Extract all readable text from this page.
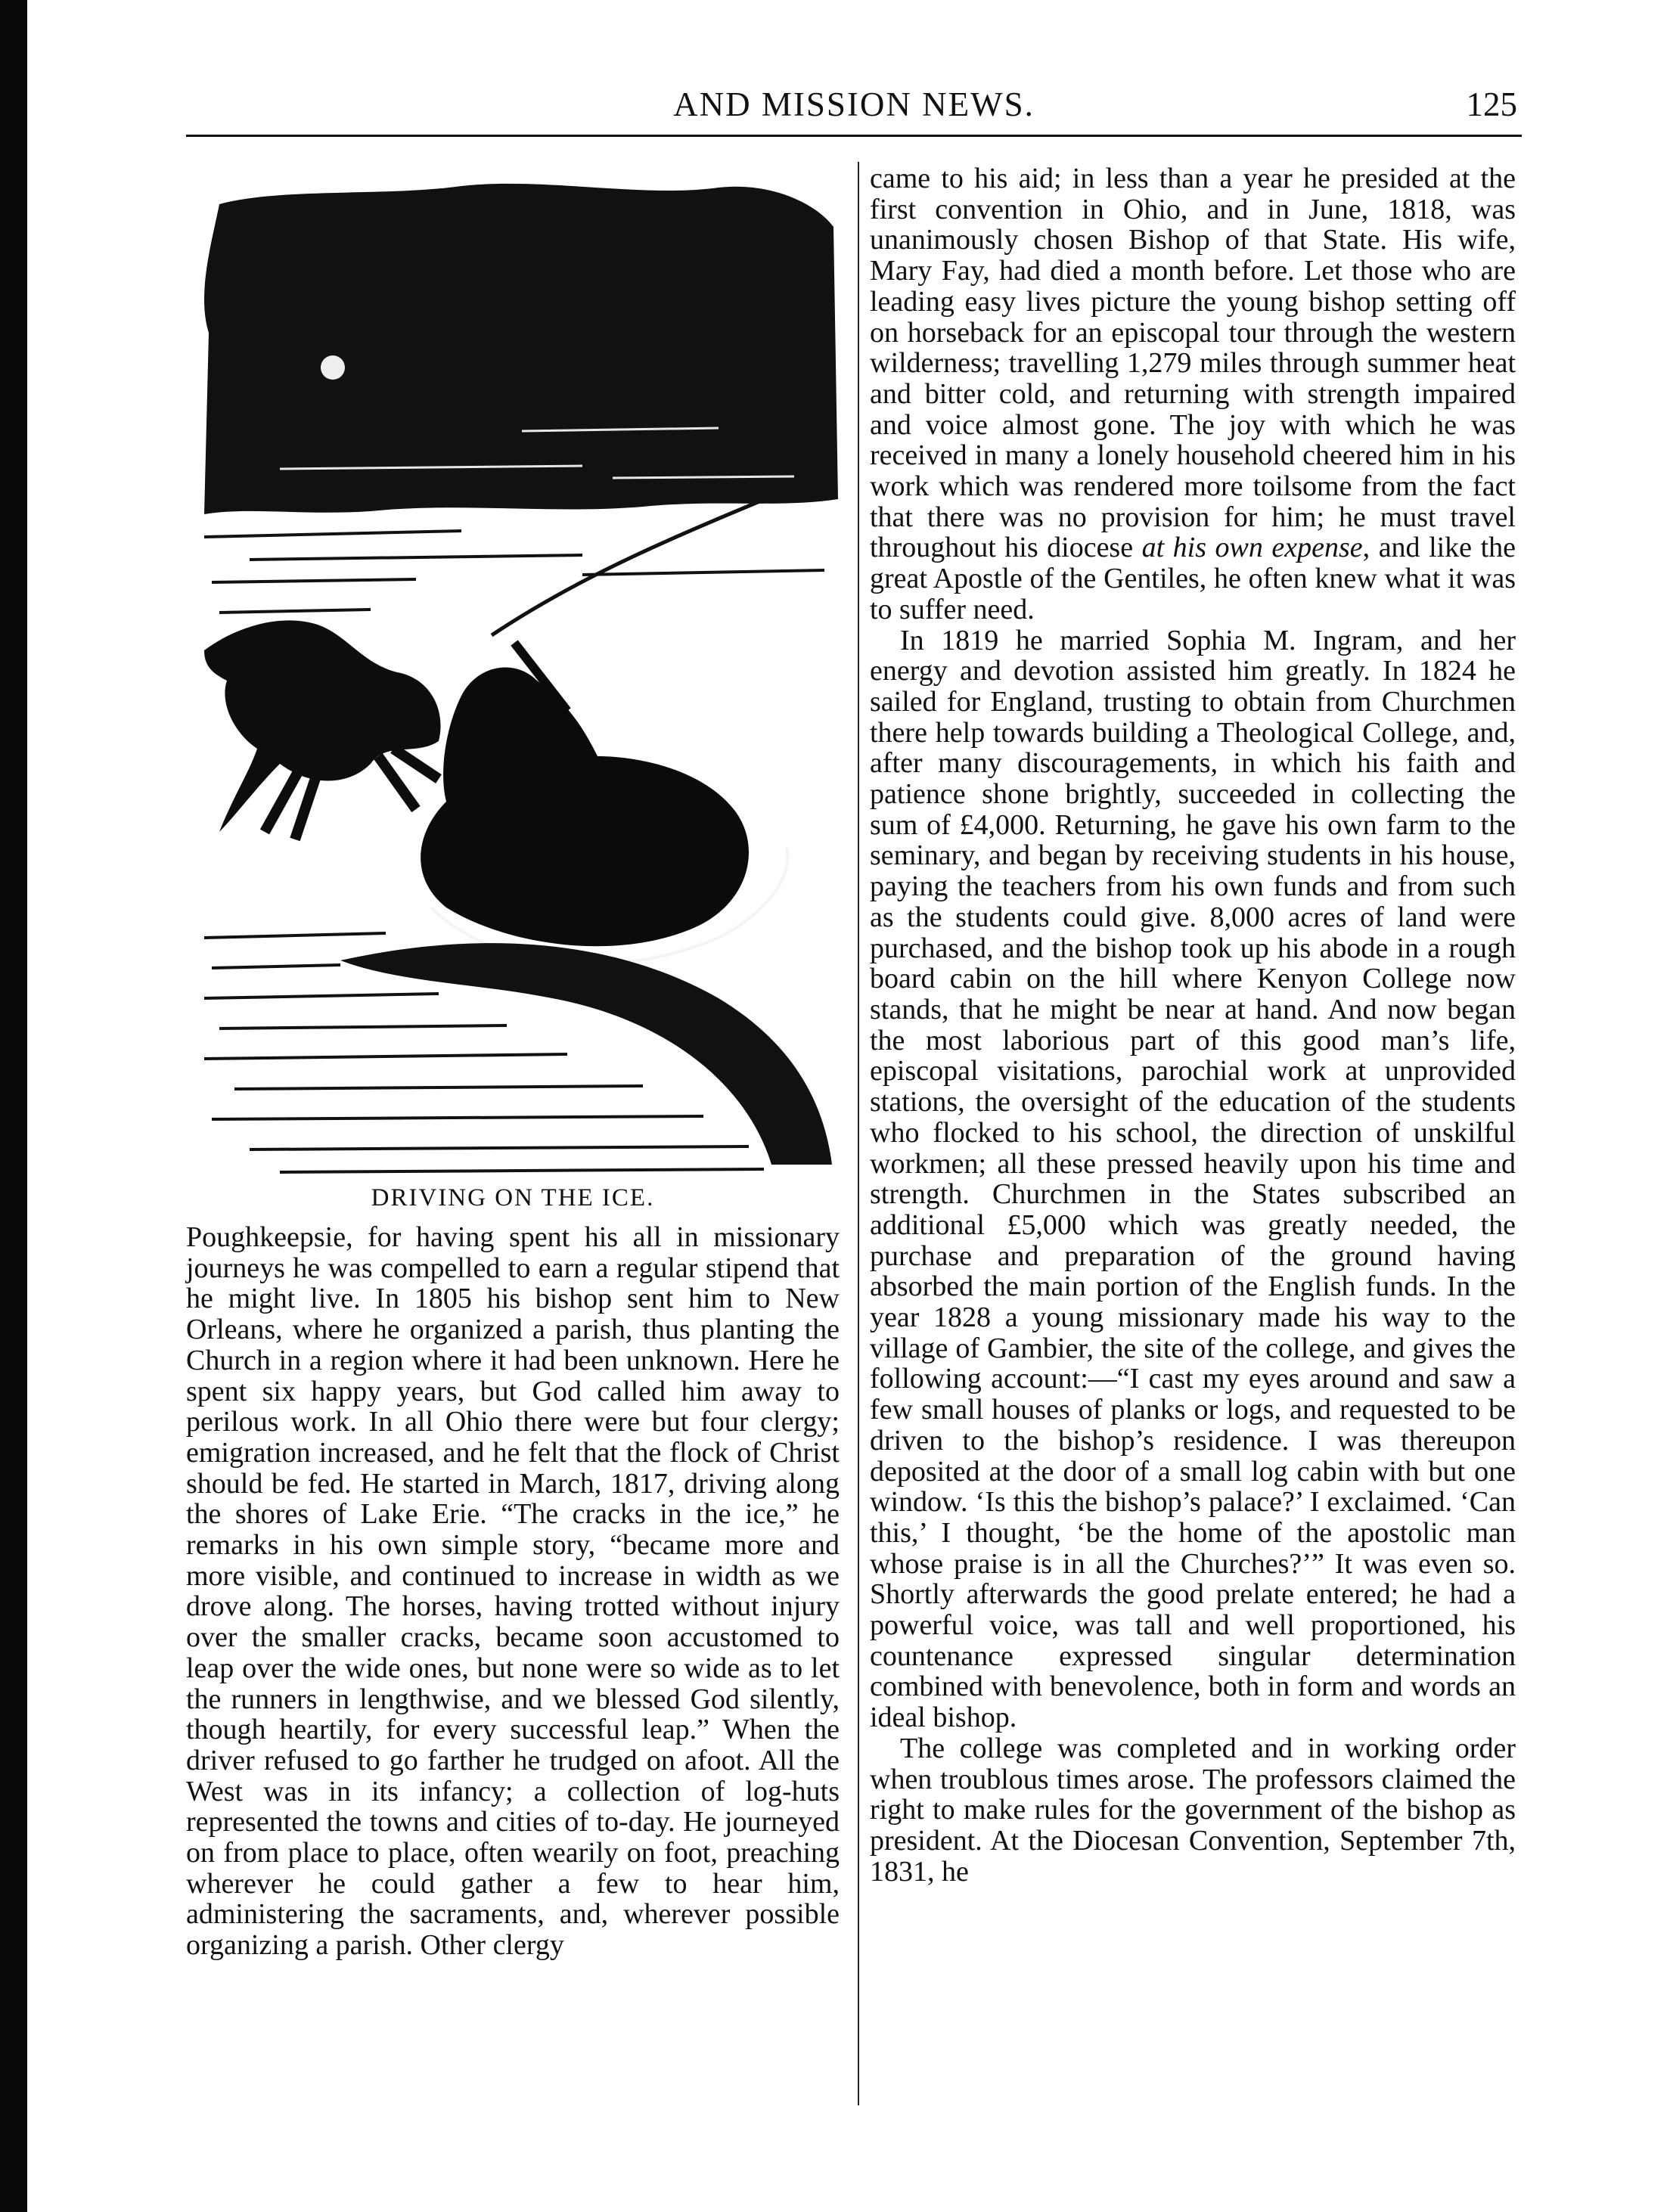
AND MISSION NEWS.	125
DRIVING ON THE ICE.

Poughkeepsie, for having spent his all in missionary journeys he was compelled to earn a regular stipend that he might live. In 1805 his bishop sent him to New Orleans, where he organized a parish, thus planting the Church in a region where it had been unknown. Here he spent six happy years, but God called him away to perilous work. In all Ohio there were but four clergy; emigration increased, and he felt that the flock of Christ should be fed. He started in March, 1817, driving along the shores of Lake Erie. “The cracks in the ice,” he remarks in his own simple story, “became more and more visible, and continued to increase in width as we drove along. The horses, having trotted without injury over the smaller cracks, became soon accustomed to leap over the wide ones, but none were so wide as to let the runners in lengthwise, and we blessed God silently, though heartily, for every successful leap.” When the driver refused to go farther he trudged on afoot. All the West was in its infancy; a collection of log-huts represented the towns and cities of to-day. He journeyed on from place to place, often wearily on foot, preaching wherever he could gather a few to hear him, administering the sacraments, and, wherever possible organizing a parish. Other clergy

came to his aid; in less than a year he presided at the first convention in Ohio, and in June, 1818, was unanimously chosen Bishop of that State. His wife, Mary Fay, had died a month before. Let those who are leading easy lives picture the young bishop setting off on horseback for an episcopal tour through the western wilderness; travelling 1,279 miles through summer heat and bitter cold, and returning with strength impaired and voice almost gone. The joy with which he was received in many a lonely household cheered him in his work which was rendered more toilsome from the fact that there was no provision for him; he must travel throughout his diocese at his own expense, and like the great Apostle of the Gentiles, he often knew what it was to suffer need.

In 1819 he married Sophia M. Ingram, and her energy and devotion assisted him greatly. In 1824 he sailed for England, trusting to obtain from Churchmen there help towards building a Theological College, and, after many discouragements, in which his faith and patience shone brightly, succeeded in collecting the sum of £4,000. Returning, he gave his own farm to the seminary, and began by receiving students in his house, paying the teachers from his own funds and from such as the students could give. 8,000 acres of land were purchased, and the bishop took up his abode in a rough board cabin on the hill where Kenyon College now stands, that he might be near at hand. And now began the most laborious part of this good man’s life, episcopal visitations, parochial work at unprovided stations, the oversight of the education of the students who flocked to his school, the direction of unskilful workmen; all these pressed heavily upon his time and strength. Churchmen in the States subscribed an additional £5,000 which was greatly needed, the purchase and preparation of the ground having absorbed the main portion of the English funds. In the year 1828 a young missionary made his way to the village of Gambier, the site of the college, and gives the following account:—“I cast my eyes around and saw a few small houses of planks or logs, and requested to be driven to the bishop’s residence. I was thereupon deposited at the door of a small log cabin with but one window. ‘Is this the bishop’s palace?’ I exclaimed. ‘Can this,’ I thought, ‘be the home of the apostolic man whose praise is in all the Churches?’” It was even so. Shortly afterwards the good prelate entered; he had a powerful voice, was tall and well proportioned, his countenance expressed singular determination combined with benevolence, both in form and words an ideal bishop.

The college was completed and in working order when troublous times arose. The professors claimed the right to make rules for the government of the bishop as president. At the Diocesan Convention, September 7th, 1831, he
